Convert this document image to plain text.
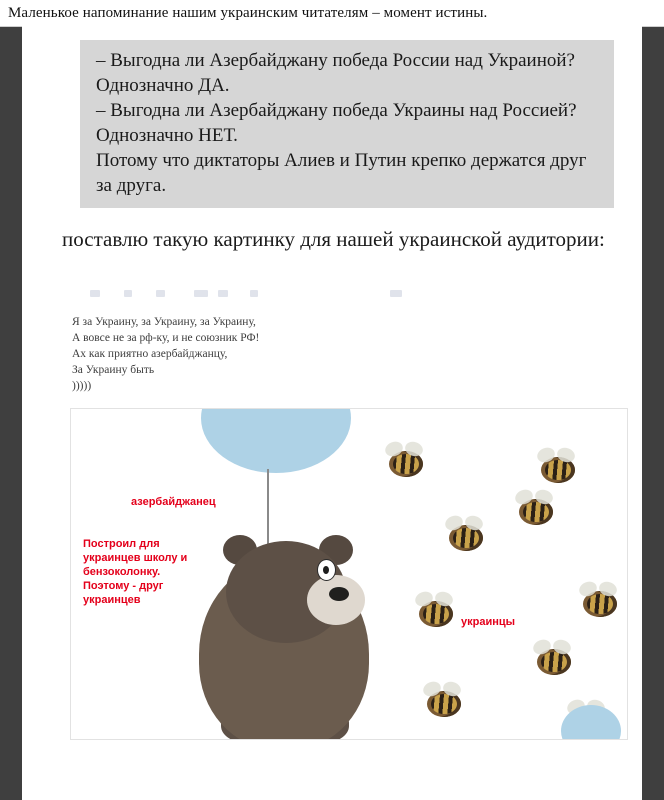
Маленькое напоминание нашим украинским читателям – момент истины.

– Выгодна ли Азербайджану победа России над Украиной? Однозначно ДА.

– Выгодна ли Азербайджану победа Украины над Россией? Однозначно НЕТ.

Потому что диктаторы Алиев и Путин крепко держатся друг за друга.

поставлю такую картинку для нашей украинской аудитории:
Я за Украину, за Украину, за Украину,
А вовсе не за рф-ку, и не союзник РФ!
Ах как приятно азербайджанцу,
За Украину быть
)))))
азербайджанец
Построил для украинцев школу и бензоколонку. Поэтому - друг украинцев
украинцы
